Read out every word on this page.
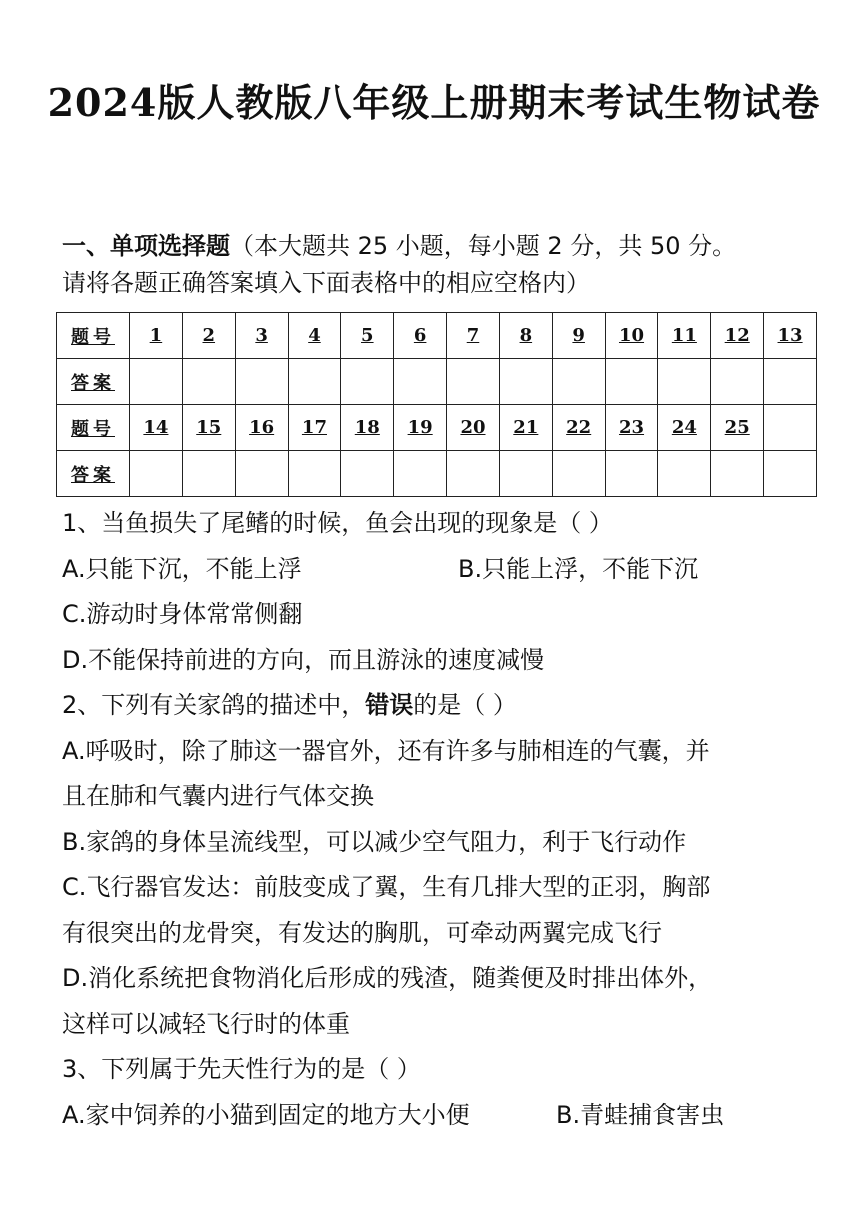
2024版人教版八年级上册期末考试生物试卷
一、单项选择题（本大题共 25 小题，每小题 2 分，共 50 分。
请将各题正确答案填入下面表格中的相应空格内）
题号	1	2	3	4	5	6	7	8	9	10	11	12	13
答案													
题号	14	15	16	17	18	19	20	21	22	23	24	25	
答案													
1、当鱼损失了尾鳍的时候，鱼会出现的现象是（ ）
A.只能下沉，不能上浮	B.只能上浮，不能下沉
C.游动时身体常常侧翻
D.不能保持前进的方向，而且游泳的速度减慢
2、下列有关家鸽的描述中，错误的是（ ）
A.呼吸时，除了肺这一器官外，还有许多与肺相连的气囊，并
且在肺和气囊内进行气体交换
B.家鸽的身体呈流线型，可以减少空气阻力，利于飞行动作
C.飞行器官发达：前肢变成了翼，生有几排大型的正羽，胸部
有很突出的龙骨突，有发达的胸肌，可牵动两翼完成飞行
D.消化系统把食物消化后形成的残渣，随粪便及时排出体外，
这样可以减轻飞行时的体重
3、下列属于先天性行为的是（ ）
A.家中饲养的小猫到固定的地方大小便	B.青蛙捕食害虫
